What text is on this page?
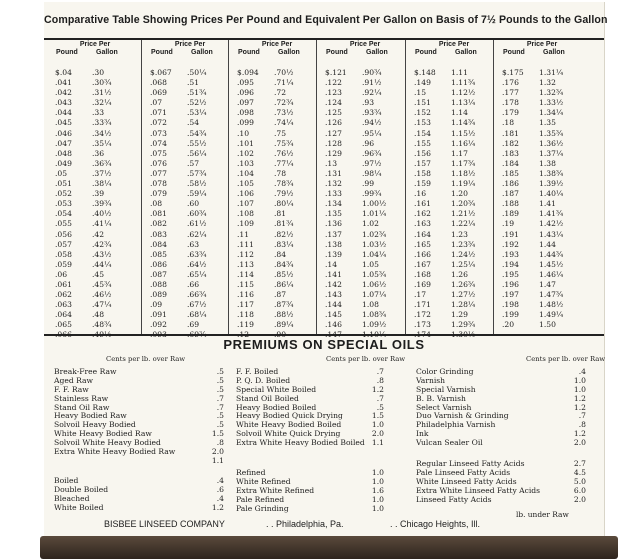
Comparative Table Showing Prices Per Pound and Equivalent Per Gallon on Basis of 7½ Pounds to the Gallon
Price Per
Pound	Gallon
$.04	.30
.041	.30¾
.042	.31½
.043	.32¼
.044	.33
.045	.33¾
.046	.34½
.047	.35¼
.048	.36
.049	.36¾
.05	.37½
.051	.38¼
.052	.39
.053	.39¾
.054	.40½
.055	.41¼
.056	.42
.057	.42¾
.058	.43½
.059	.44¼
.06	.45
.061	.45¾
.062	.46½
.063	.47¼
.064	.48
.065	.48¾
.066	.49½
Price Per
Pound	Gallon
$.067 .50¼
.068	.51
.069	.51¾
.07	.52½
.071	.53¼
.072	.54
.073	.54¾
.074	.55½
.075	.56¼
.076	.57
.077	.57¾
.078	.58½
.079	.59¼
.08	.60
.081	.60¾
.082	.61½
.083	.62¼
.084	.63
.085	.63¾
.086	.64½
.087	.65¼
.088	.66
.089	.66¾
.09	.67½
.091	.68¼
.092	.69
.093	.69¾
Price Per
Pound	Gallon
$.094 .70½
.095	.71¼
.096	.72
.097	.72¾
.098	.73½
.099	.74¼
.10	.75
.101	.75¾
.102	.76½
.103	.77¼
.104	.78
.105	.78¾
.106	.79½
.107	.80¼
.108	.81
.109	.81¾
.11	.82½
.111	.83¼
.112	.84
.113	.84¾
.114	.85½
.115	.86¼
.116	.87
.117	.87¾
.118	.88½
.119	.89¼
.12	.90
Price Per
Pound	Gallon
$.121 .90¾
.122	.91½
.123	.92¼
.124	.93
.125	.93¾
.126	.94½
.127	.95¼
.128	.96
.129	.96¾
.13	.97½
.131	.98¼
.132	.99
.133	.99¾
.134	1.00½
.135	1.01¼
.136	1.02
.137	1.02¾
.138	1.03½
.139	1.04¼
.14	1.05
.141	1.05¾
.142	1.06½
.143	1.07¼
.144	1.08
.145	1.08¾
.146	1.09½
.147	1.10¼
Price Per
Pound	Gallon
$.148 1.11
.149	1.11¾
.15	1.12½
.151	1.13¼
.152	1.14
.153	1.14¾
.154	1.15½
.155	1.16¼
.156	1.17
.157	1.17¾
.158	1.18½
.159	1.19¼
.16	1.20
.161	1.20¾
.162	1.21½
.163	1.22¼
.164	1.23
.165	1.23¾
.166	1.24½
.167	1.25¼
.168	1.26
.169	1.26¾
.17	1.27½
.171	1.28¼
.172	1.29
.173	1.29¾
.174	1.30½
Price Per
Pound	Gallon
$.175 1.31¼
.176	1.32
.177	1.32¾
.178	1.33½
.179	1.34¼
.18	1.35
.181	1.35¾
.182	1.36½
.183	1.37¼
.184	1.38
.185	1.38¾
.186	1.39½
.187	1.40¼
.188	1.41
.189	1.41¾
.19	1.42½
.191	1.43¼
.192	1.44
.193	1.44¾
.194	1.45½
.195	1.46¼
.196	1.47
.197	1.47¾
.198	1.48½
.199	1.49¼
.20	1.50
PREMIUMS ON SPECIAL OILS
Cents per lb. over Raw	Cents per lb. over Raw	Cents per lb. over Raw
Break-Free Raw	.5
Aged Raw	.5
F. F. Raw	.5
Stainless Raw	.7
Stand Oil Raw	.7
Heavy Bodied Raw	.5
Solvoil Heavy Bodied	.5
White Heavy Bodied Raw	1.5
Solvoil White Heavy Bodied	.8
Extra White Heavy Bodied Raw	2.0
1.1
Boiled	.4
Double Boiled	.6
Bleached	.4
White Boiled	1.2
F. F. Boiled	.7
P. Q. D. Boiled	.8
Special White Boiled	1.2
Stand Oil Boiled	.7
Heavy Bodied Boiled	.5
Heavy Bodied Quick Drying	1.5
White Heavy Bodied Boiled	1.0
Solvoil White Quick Drying	2.0
Extra White Heavy Bodied Boiled 1.1
Refined	1.0
White Refined	1.0
Extra White Refined	1.6
Pale Refined	1.0
Pale Grinding	1.0
Color Grinding	.4
Varnish	1.0
Special Varnish	1.0
B. B. Varnish	1.2
Select Varnish	1.2
Duo Varnish & Grinding	.7
Philadelphia Varnish	.8
Ink	1.2
Vulcan Sealer Oil	2.0
Regular Linseed Fatty Acids	2.7
Pale Linseed Fatty Acids	4.5
White Linseed Fatty Acids	5.0
Extra White Linseed Fatty Acids	6.0
Linseed Fatty Acids	2.0
lb. under Raw
BISBEE LINSEED COMPANY	. . Philadelphia, Pa.	. . Chicago Heights, Ill.
